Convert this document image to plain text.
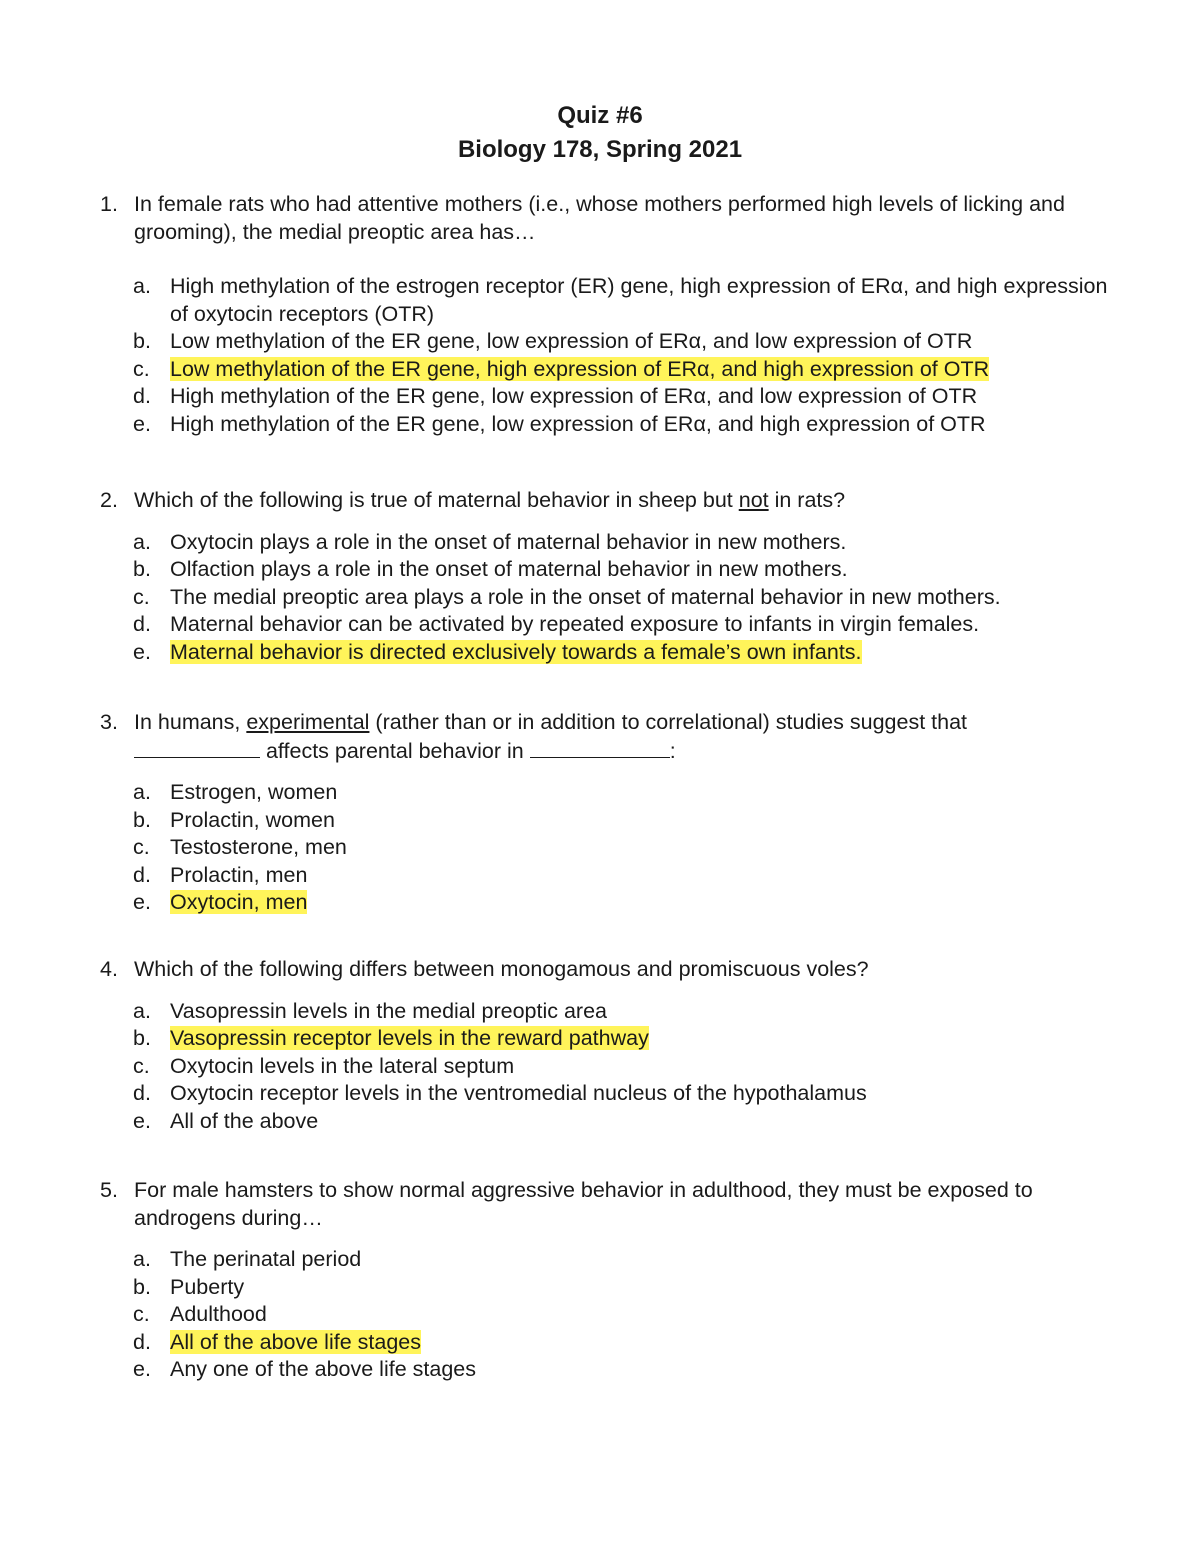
Quiz #6
Biology 178, Spring 2021
1. In female rats who had attentive mothers (i.e., whose mothers performed high levels of licking and grooming), the medial preoptic area has…
a. High methylation of the estrogen receptor (ER) gene, high expression of ERα, and high expression of oxytocin receptors (OTR)
b. Low methylation of the ER gene, low expression of ERα, and low expression of OTR
c. Low methylation of the ER gene, high expression of ERα, and high expression of OTR
d. High methylation of the ER gene, low expression of ERα, and low expression of OTR
e. High methylation of the ER gene, low expression of ERα, and high expression of OTR
2. Which of the following is true of maternal behavior in sheep but not in rats?
a. Oxytocin plays a role in the onset of maternal behavior in new mothers.
b. Olfaction plays a role in the onset of maternal behavior in new mothers.
c. The medial preoptic area plays a role in the onset of maternal behavior in new mothers.
d. Maternal behavior can be activated by repeated exposure to infants in virgin females.
e. Maternal behavior is directed exclusively towards a female’s own infants.
3. In humans, experimental (rather than or in addition to correlational) studies suggest that
affects parental behavior in	:
a. Estrogen, women
b. Prolactin, women
c. Testosterone, men
d. Prolactin, men
e. Oxytocin, men
4. Which of the following differs between monogamous and promiscuous voles?
a. Vasopressin levels in the medial preoptic area
b. Vasopressin receptor levels in the reward pathway
c. Oxytocin levels in the lateral septum
d. Oxytocin receptor levels in the ventromedial nucleus of the hypothalamus
e. All of the above
5. For male hamsters to show normal aggressive behavior in adulthood, they must be exposed to androgens during…
a. The perinatal period
b. Puberty
c. Adulthood
d. All of the above life stages
e. Any one of the above life stages
